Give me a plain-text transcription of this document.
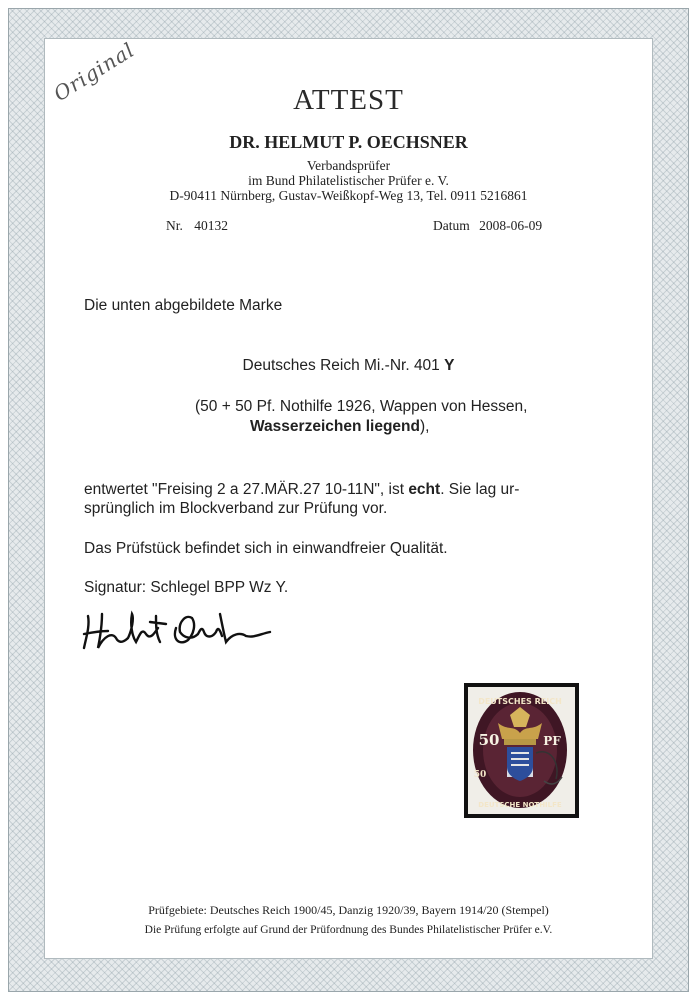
Original	ATTEST
DR. HELMUT P. OECHSNER
Verbandsprüfer
im Bund Philatelistischer Prüfer e. V.
D-90411 Nürnberg, Gustav-Weißkopf-Weg 13, Tel. 0911 5216861
Nr. 40132	Datum 2008-06-09
Die unten abgebildete Marke
Deutsches Reich Mi.-Nr. 401 Y
(50 + 50 Pf. Nothilfe 1926, Wappen von Hessen,
Wasserzeichen liegend),
entwertet "Freising 2 a 27.MÄR.27 10-11N", ist echt. Sie lag ur-
sprünglich im Blockverband zur Prüfung vor.
Das Prüfstück befindet sich in einwandfreier Qualität.
Signatur: Schlegel BPP Wz Y.
DEUTSCHES REICH
DEUTSCHE NOTHILFE
50	PF
50
Prüfgebiete: Deutsches Reich 1900/45, Danzig 1920/39, Bayern 1914/20 (Stempel)
Die Prüfung erfolgte auf Grund der Prüfordnung des Bundes Philatelistischer Prüfer e.V.
